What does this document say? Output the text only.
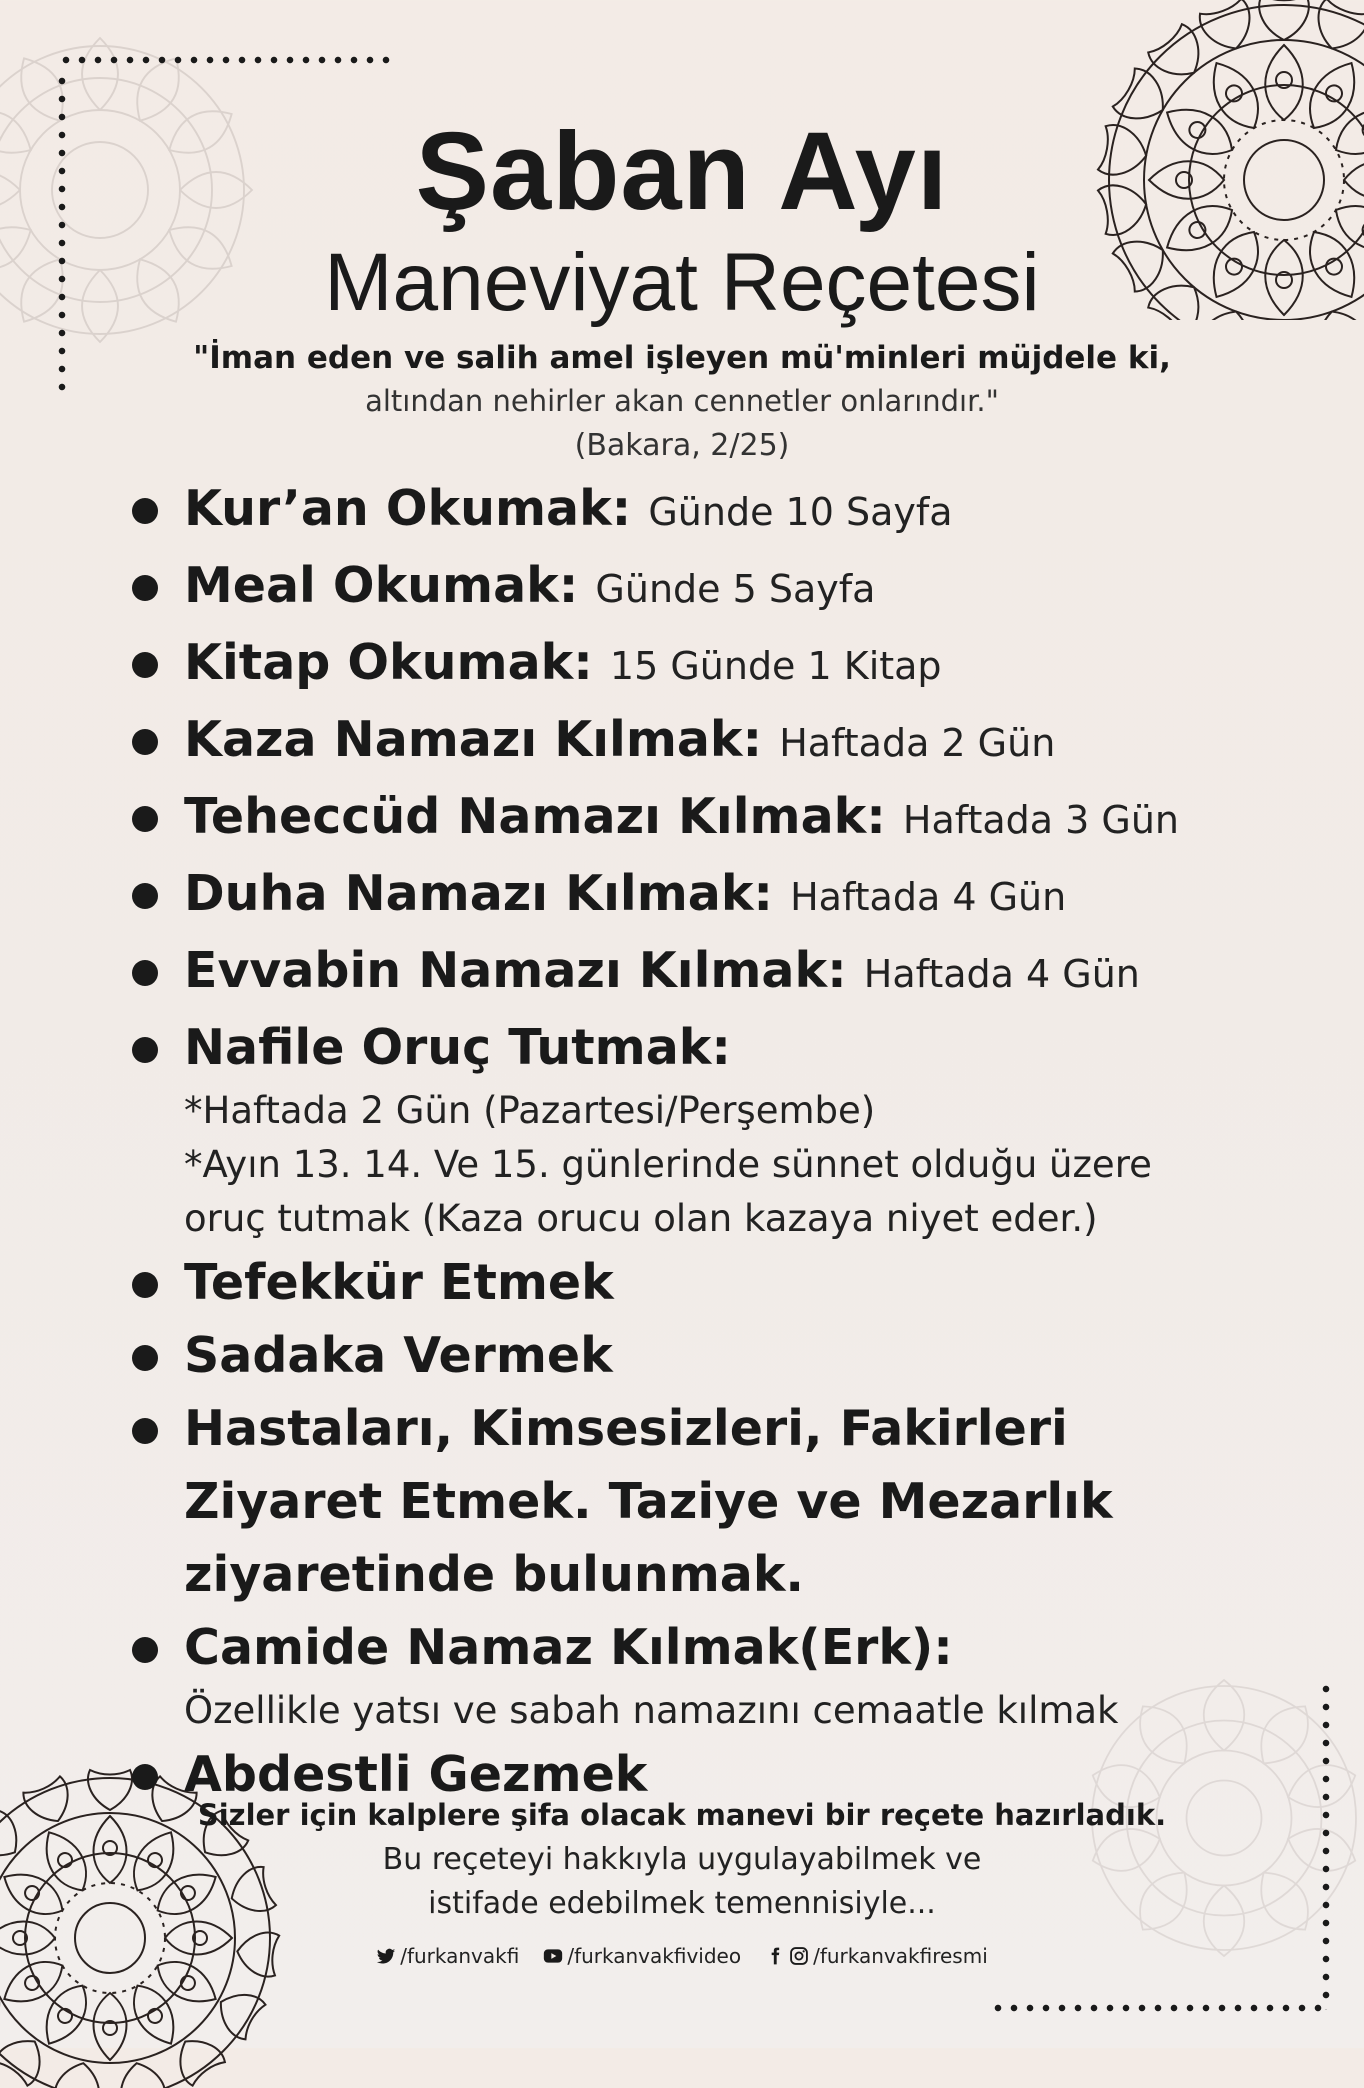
Şaban Ayı
Maneviyat Reçetesi
"İman eden ve salih amel işleyen mü'minleri müjdele ki,
altından nehirler akan cennetler onlarındır."
(Bakara, 2/25)
Kur’an Okumak: Günde 10 Sayfa
Meal Okumak: Günde 5 Sayfa
Kitap Okumak: 15 Günde 1 Kitap
Kaza Namazı Kılmak: Haftada 2 Gün
Teheccüd Namazı Kılmak: Haftada 3 Gün
Duha Namazı Kılmak: Haftada 4 Gün
Evvabin Namazı Kılmak: Haftada 4 Gün
Nafile Oruç Tutmak:
*Haftada 2 Gün (Pazartesi/Perşembe)
*Ayın 13. 14. Ve 15. günlerinde sünnet olduğu üzere
oruç tutmak (Kaza orucu olan kazaya niyet eder.)
Tefekkür Etmek
Sadaka Vermek
Hastaları, Kimsesizleri, Fakirleri
Ziyaret Etmek. Taziye ve Mezarlık
ziyaretinde bulunmak.
Camide Namaz Kılmak(Erk):
Özellikle yatsı ve sabah namazını cemaatle kılmak
Abdestli Gezmek
Sizler için kalplere şifa olacak manevi bir reçete hazırladık.
Bu reçeteyi hakkıyla uygulayabilmek ve
istifade edebilmek temennisiyle...
/furkanvakfi /furkanvakfivideo	/furkanvakfiresmi
